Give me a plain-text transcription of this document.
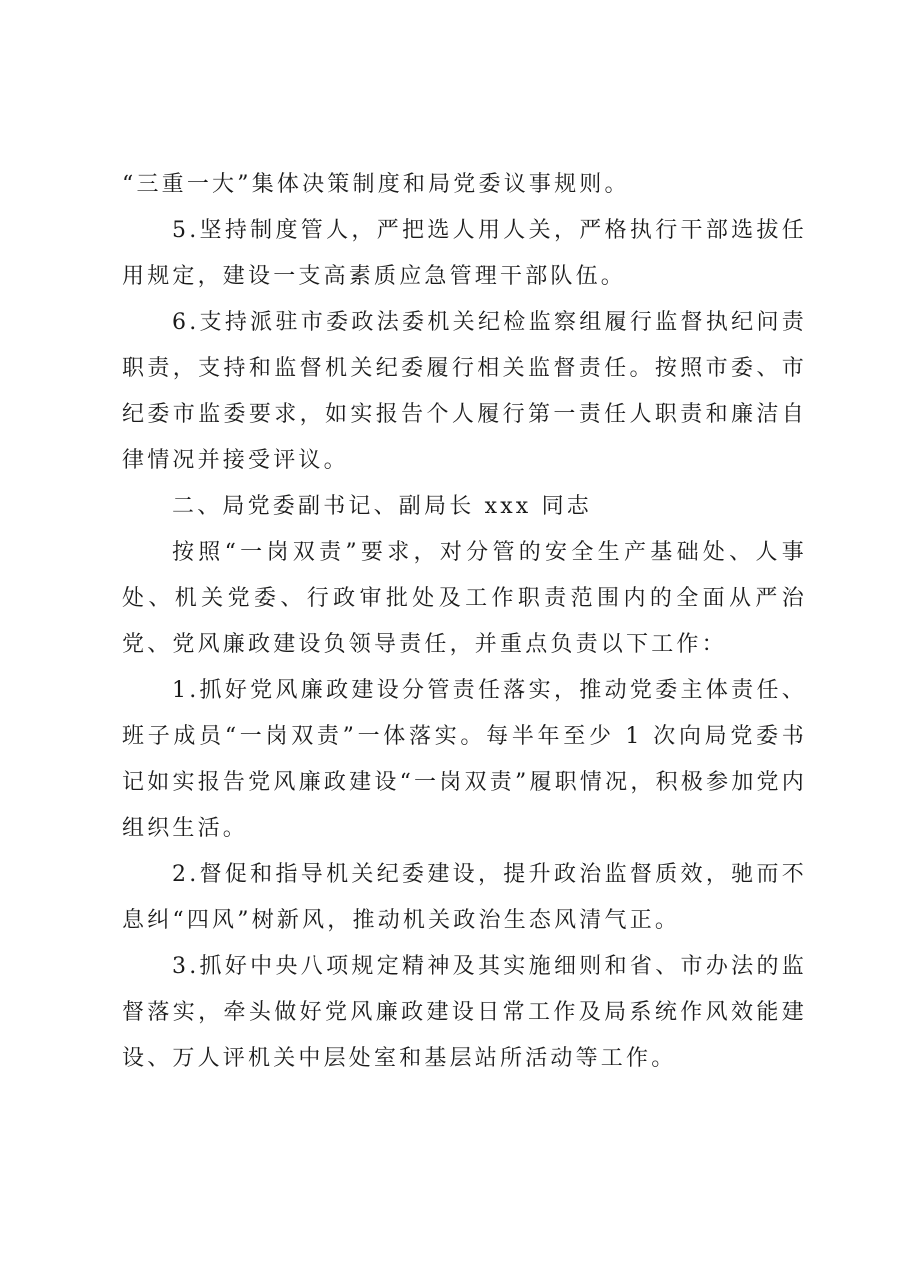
“三重一大”集体决策制度和局党委议事规则。

5.坚持制度管人，严把选人用人关，严格执行干部选拔任用规定，建设一支高素质应急管理干部队伍。

6.支持派驻市委政法委机关纪检监察组履行监督执纪问责职责，支持和监督机关纪委履行相关监督责任。按照市委、市纪委市监委要求，如实报告个人履行第一责任人职责和廉洁自律情况并接受评议。

二、局党委副书记、副局长 xxx 同志

按照“一岗双责”要求，对分管的安全生产基础处、人事处、机关党委、行政审批处及工作职责范围内的全面从严治党、党风廉政建设负领导责任，并重点负责以下工作：

1.抓好党风廉政建设分管责任落实，推动党委主体责任、班子成员“一岗双责”一体落实。每半年至少 1 次向局党委书记如实报告党风廉政建设“一岗双责”履职情况，积极参加党内组织生活。

2.督促和指导机关纪委建设，提升政治监督质效，驰而不息纠“四风”树新风，推动机关政治生态风清气正。

3.抓好中央八项规定精神及其实施细则和省、市办法的监督落实，牵头做好党风廉政建设日常工作及局系统作风效能建设、万人评机关中层处室和基层站所活动等工作。
